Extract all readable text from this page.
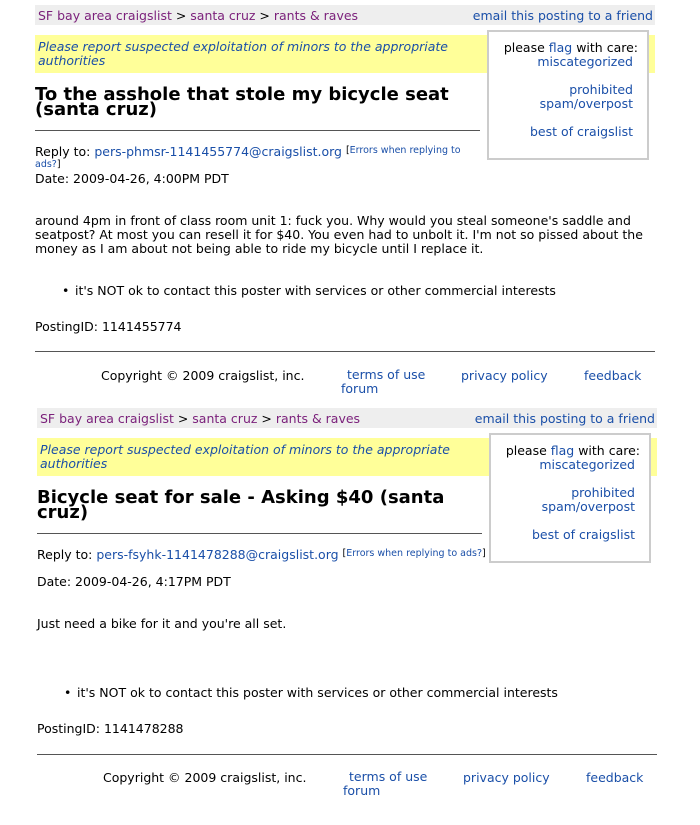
SF bay area craigslist > santa cruz > rants & raves	email this posting to a friend
Please report suspected exploitation of minors to the appropriate authorities
please flag with care:
miscategorized
prohibited
spam/overpost
best of craigslist
To the asshole that stole my bicycle seat (santa cruz)
Reply to: pers-phmsr-1141455774@craigslist.org [Errors when replying to ads?]
Date: 2009-04-26, 4:00PM PDT
around 4pm in front of class room unit 1: fuck you. Why would you steal someone's saddle and seatpost? At most you can resell it for $40. You even had to unbolt it. I'm not so pissed about the money as I am about not being able to ride my bicycle until I replace it.
• it's NOT ok to contact this poster with services or other commercial interests
PostingID: 1141455774
Copyright © 2009 craigslist, inc.	terms of use
forum
privacy policy	feedback
SF bay area craigslist > santa cruz > rants & raves	email this posting to a friend
Please report suspected exploitation of minors to the appropriate authorities
please flag with care:
miscategorized
prohibited
spam/overpost
best of craigslist
Bicycle seat for sale - Asking $40 (santa cruz)
Reply to: pers-fsyhk-1141478288@craigslist.org [Errors when replying to ads?]
Date: 2009-04-26, 4:17PM PDT
Just need a bike for it and you're all set.
• it's NOT ok to contact this poster with services or other commercial interests
PostingID: 1141478288
Copyright © 2009 craigslist, inc.	terms of use
forum
privacy policy	feedback
